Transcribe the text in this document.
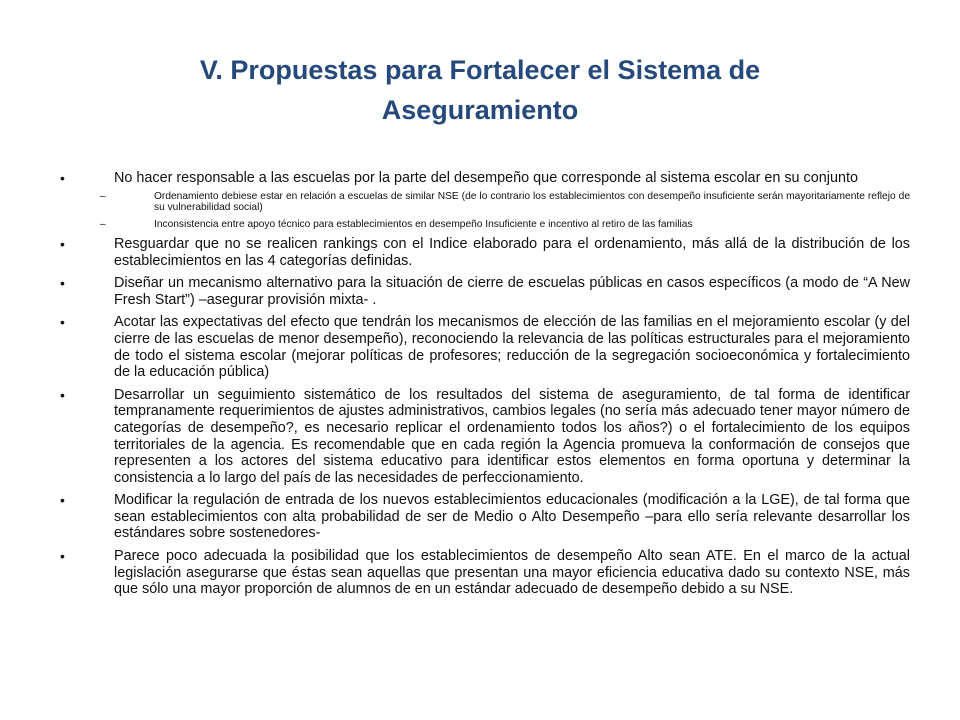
V. Propuestas para Fortalecer el Sistema de
Aseguramiento
•	No hacer responsable a las escuelas por la parte del desempeño que corresponde al sistema escolar en su conjunto
–	Ordenamiento debiese estar en relación a escuelas de similar NSE (de lo contrario los establecimientos con desempeño insuficiente serán mayoritariamente reflejo de su vulnerabilidad social)
–	Inconsistencia entre apoyo técnico para establecimientos en desempeño Insuficiente e incentivo al retiro de las familias
•	Resguardar que no se realicen rankings con el Indice elaborado para el ordenamiento, más allá de la distribución de los establecimientos en las 4 categorías definidas.
•	Diseñar un mecanismo alternativo para la situación de cierre de escuelas públicas en casos específicos (a modo de “A New Fresh Start”) –asegurar provisión mixta- .
•	Acotar las expectativas del efecto que tendrán los mecanismos de elección de las familias en el mejoramiento escolar (y del cierre de las escuelas de menor desempeño), reconociendo la relevancia de las políticas estructurales para el mejoramiento de todo el sistema escolar (mejorar políticas de profesores; reducción de la segregación socioeconómica y fortalecimiento de la educación pública)
•	Desarrollar un seguimiento sistemático de los resultados del sistema de aseguramiento, de tal forma de identificar tempranamente requerimientos de ajustes administrativos, cambios legales (no sería más adecuado tener mayor número de categorías de desempeño?, es necesario replicar el ordenamiento todos los años?) o el fortalecimiento de los equipos territoriales de la agencia. Es recomendable que en cada región la Agencia promueva la conformación de consejos que representen a los actores del sistema educativo para identificar estos elementos en forma oportuna y determinar la consistencia a lo largo del país de las necesidades de perfeccionamiento.
•	Modificar la regulación de entrada de los nuevos establecimientos educacionales (modificación a la LGE), de tal forma que sean establecimientos con alta probabilidad de ser de Medio o Alto Desempeño –para ello sería relevante desarrollar los estándares sobre sostenedores-
•	Parece poco adecuada la posibilidad que los establecimientos de desempeño Alto sean ATE. En el marco de la actual legislación asegurarse que éstas sean aquellas que presentan una mayor eficiencia educativa dado su contexto NSE, más que sólo una mayor proporción de alumnos de en un estándar adecuado de desempeño debido a su NSE.
